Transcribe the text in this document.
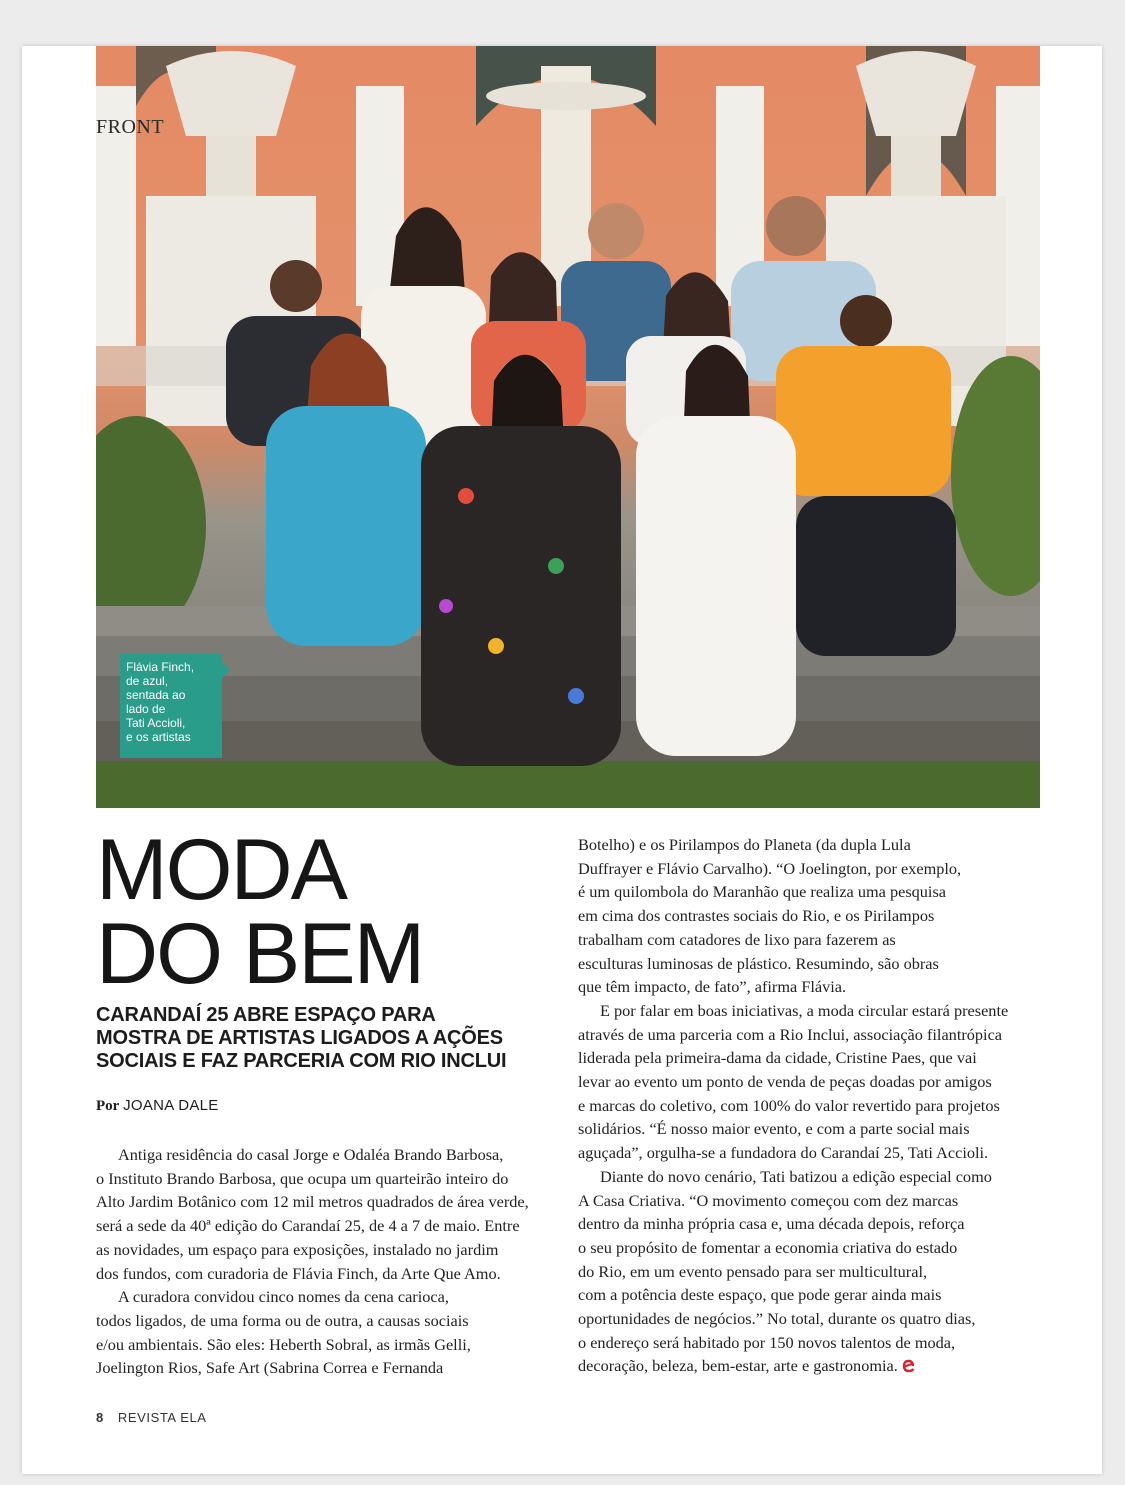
FRONT
Flávia Finch,
de azul,
sentada ao
lado de
Tati Accioli,
e os artistas
MODA
DO BEM
CARANDAÍ 25 ABRE ESPAÇO PARA
MOSTRA DE ARTISTAS LIGADOS A AÇÕES
SOCIAIS E FAZ PARCERIA COM RIO INCLUI
Por JOANA DALE
Antiga residência do casal Jorge e Odaléa Brando Barbosa,
o Instituto Brando Barbosa, que ocupa um quarteirão inteiro do
Alto Jardim Botânico com 12 mil metros quadrados de área verde,
será a sede da 40ª edição do Carandaí 25, de 4 a 7 de maio. Entre
as novidades, um espaço para exposições, instalado no jardim
dos fundos, com curadoria de Flávia Finch, da Arte Que Amo.
A curadora convidou cinco nomes da cena carioca,
todos ligados, de uma forma ou de outra, a causas sociais
e/ou ambientais. São eles: Heberth Sobral, as irmãs Gelli,
Joelington Rios, Safe Art (Sabrina Correa e Fernanda
Botelho) e os Pirilampos do Planeta (da dupla Lula
Duffrayer e Flávio Carvalho). “O Joelington, por exemplo,
é um quilombola do Maranhão que realiza uma pesquisa
em cima dos contrastes sociais do Rio, e os Pirilampos
trabalham com catadores de lixo para fazerem as
esculturas luminosas de plástico. Resumindo, são obras
que têm impacto, de fato”, afirma Flávia.
E por falar em boas iniciativas, a moda circular estará presente
através de uma parceria com a Rio Inclui, associação filantrópica
liderada pela primeira-dama da cidade, Cristine Paes, que vai
levar ao evento um ponto de venda de peças doadas por amigos
e marcas do coletivo, com 100% do valor revertido para projetos
solidários. “É nosso maior evento, e com a parte social mais
aguçada”, orgulha-se a fundadora do Carandaí 25, Tati Accioli.
Diante do novo cenário, Tati batizou a edição especial como
A Casa Criativa. “O movimento começou com dez marcas
dentro da minha própria casa e, uma década depois, reforça
o seu propósito de fomentar a economia criativa do estado
do Rio, em um evento pensado para ser multicultural,
com a potência deste espaço, que pode gerar ainda mais
oportunidades de negócios.” No total, durante os quatro dias,
o endereço será habitado por 150 novos talentos de moda,
decoração, beleza, bem-estar, arte e gastronomia.
8 REVISTA ELA
